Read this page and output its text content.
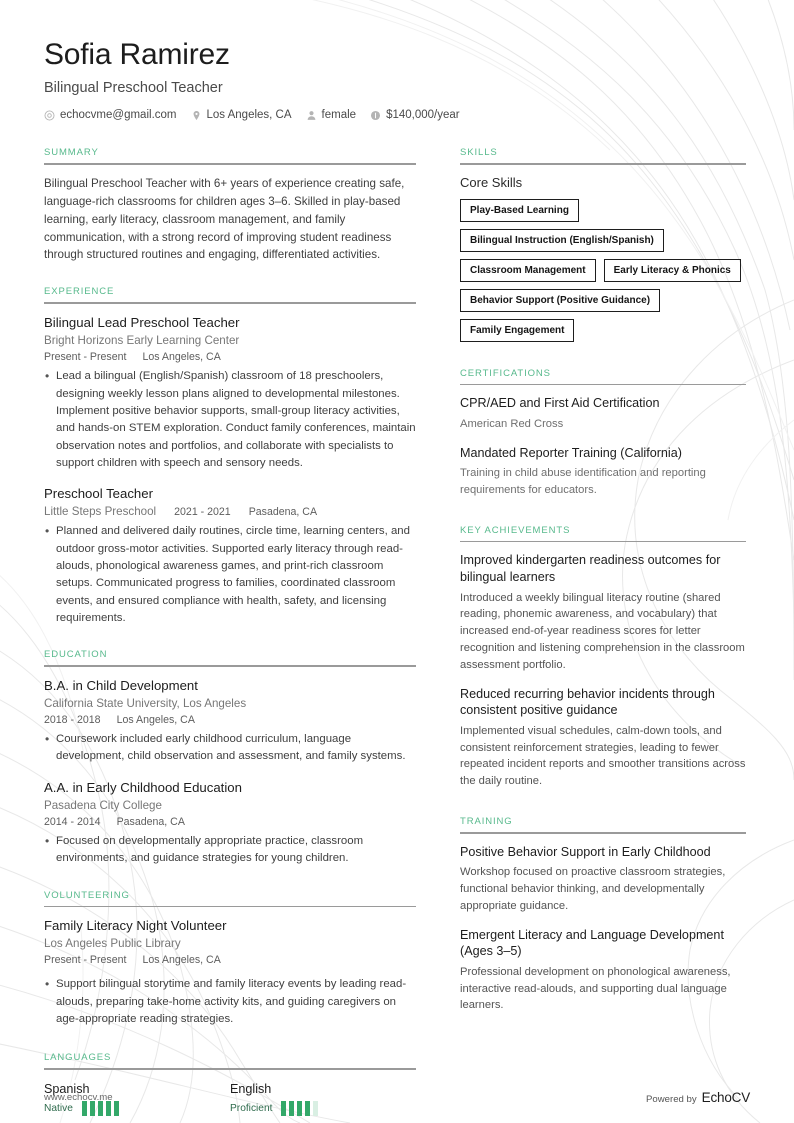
Sofia Ramirez
Bilingual Preschool Teacher
echocvme@gmail.com	Los Angeles, CA	female	$140,000/year
SUMMARY
Bilingual Preschool Teacher with 6+ years of experience creating safe, language-rich classrooms for children ages 3–6. Skilled in play-based learning, early literacy, classroom management, and family communication, with a strong record of improving student readiness through structured routines and engaging, differentiated activities.
EXPERIENCE
Bilingual Lead Preschool Teacher
Bright Horizons Early Learning Center
Present - Present Los Angeles, CA
• Lead a bilingual (English/Spanish) classroom of 18 preschoolers, designing weekly lesson plans aligned to developmental milestones. Implement positive behavior supports, small-group literacy activities, and hands-on STEM exploration. Conduct family conferences, maintain observation notes and portfolios, and collaborate with specialists to support children with speech and sensory needs.
Preschool Teacher
Little Steps Preschool 2021 - 2021 Pasadena, CA
• Planned and delivered daily routines, circle time, learning centers, and outdoor gross-motor activities. Supported early literacy through read-alouds, phonological awareness games, and print-rich classroom setups. Communicated progress to families, coordinated classroom events, and ensured compliance with health, safety, and licensing requirements.
EDUCATION
B.A. in Child Development
California State University, Los Angeles
2018 - 2018 Los Angeles, CA
• Coursework included early childhood curriculum, language development, child observation and assessment, and family systems.
A.A. in Early Childhood Education
Pasadena City College
2014 - 2014 Pasadena, CA
• Focused on developmentally appropriate practice, classroom environments, and guidance strategies for young children.
VOLUNTEERING
Family Literacy Night Volunteer
Los Angeles Public Library
Present - Present Los Angeles, CA
• Support bilingual storytime and family literacy events by leading read-alouds, preparing take-home activity kits, and guiding caregivers on age-appropriate reading strategies.
LANGUAGES
Spanish
Native
English
Proficient
SKILLS
Core Skills
Play-Based Learning
Bilingual Instruction (English/Spanish)
Classroom Management	Early Literacy & Phonics
Behavior Support (Positive Guidance)
Family Engagement
CERTIFICATIONS
CPR/AED and First Aid Certification
American Red Cross
Mandated Reporter Training (California)
Training in child abuse identification and reporting requirements for educators.
KEY ACHIEVEMENTS
Improved kindergarten readiness outcomes for bilingual learners
Introduced a weekly bilingual literacy routine (shared reading, phonemic awareness, and vocabulary) that increased end-of-year readiness scores for letter recognition and listening comprehension in the classroom assessment portfolio.
Reduced recurring behavior incidents through consistent positive guidance
Implemented visual schedules, calm-down tools, and consistent reinforcement strategies, leading to fewer repeated incident reports and smoother transitions across the daily routine.
TRAINING
Positive Behavior Support in Early Childhood
Workshop focused on proactive classroom strategies, functional behavior thinking, and developmentally appropriate guidance.
Emergent Literacy and Language Development (Ages 3–5)
Professional development on phonological awareness, interactive read-alouds, and supporting dual language learners.
www.echocv.me	Powered by EchoCV
